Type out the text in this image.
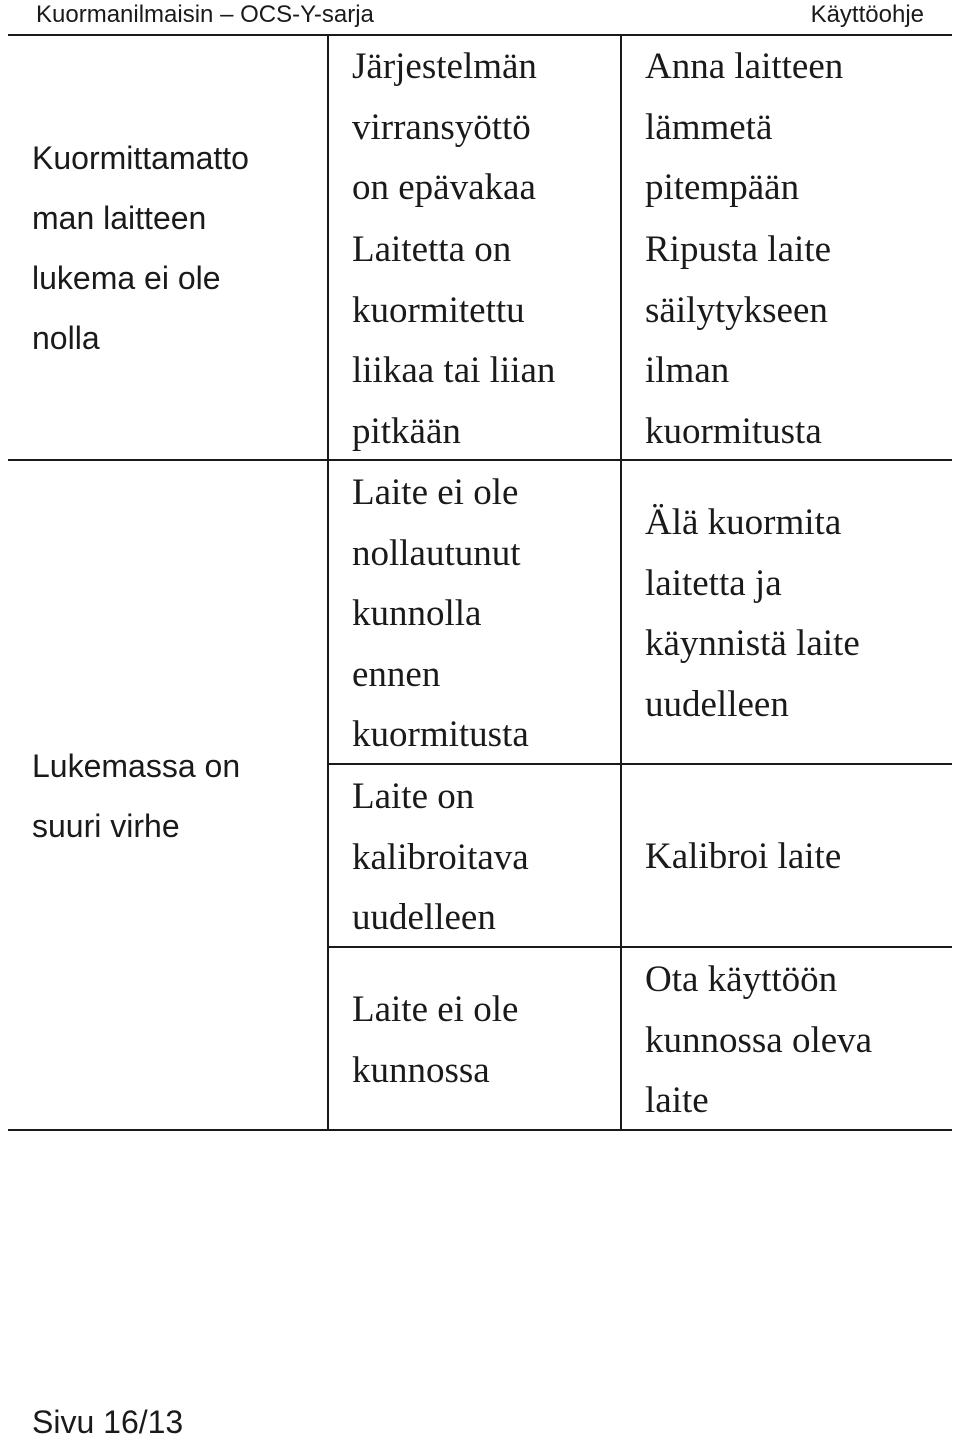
Kuormanilmaisin – OCS-Y-sarja	Käyttöohje

Kuormittamatto

man laitteen

lukema ei ole

nolla

Järjestelmän

virransyöttö

on epävakaa

Anna laitteen

lämmetä

pitempään

Laitetta on

kuormitettu

liikaa tai liian

pitkään

Ripusta laite

säilytykseen

ilman

kuormitusta

Lukemassa on

suuri virhe

Laite ei ole

nollautunut

kunnolla

ennen

kuormitusta

Älä kuormita

laitetta ja

käynnistä laite

uudelleen

Laite on

kalibroitava

uudelleen

Kalibroi laite

Laite ei ole

kunnossa

Ota käyttöön

kunnossa oleva

laite

Sivu 16/13
